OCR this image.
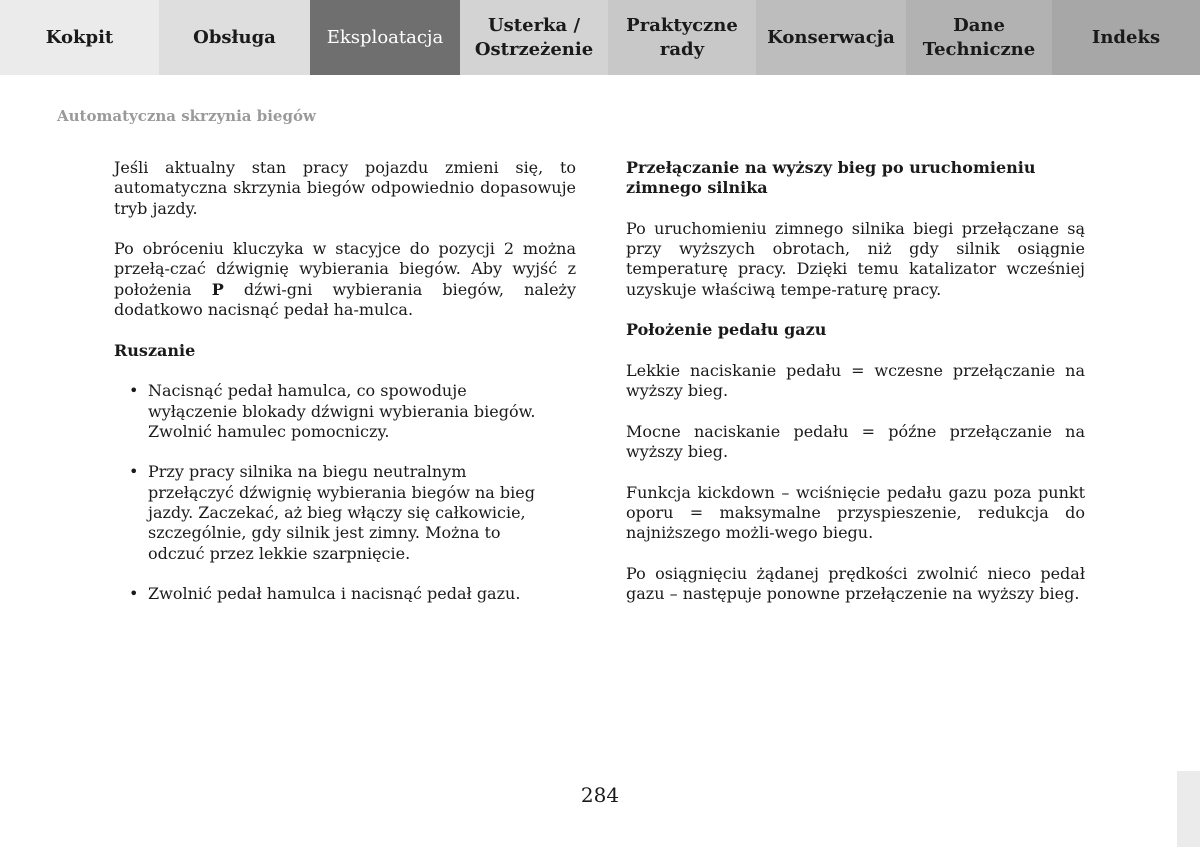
Kokpit	Obsługa	Eksploatacja
Usterka /
Ostrzeżenie
Praktyczne
rady
Konserwacja
Dane
Techniczne
Indeks
Automatyczna skrzynia biegów

Jeśli aktualny stan pracy pojazdu zmieni się, to automatyczna skrzynia biegów odpowiednio dopasowuje tryb jazdy.

Po obróceniu kluczyka w stacyjce do pozycji 2 można przełą-czać dźwignię wybierania biegów. Aby wyjść z położenia P dźwi-gni wybierania biegów, należy dodatkowo nacisnąć pedał ha-mulca.

Ruszanie
• Nacisnąć pedał hamulca, co spowoduje wyłączenie blokady dźwigni wybierania biegów. Zwolnić hamulec pomocniczy.
• Przy pracy silnika na biegu neutralnym przełączyć dźwignię wybierania biegów na bieg jazdy. Zaczekać, aż bieg włączy się całkowicie, szczególnie, gdy silnik jest zimny. Można to odczuć przez lekkie szarpnięcie.
• Zwolnić pedał hamulca i nacisnąć pedał gazu.
Przełączanie na wyższy bieg po uruchomieniu zimnego silnika

Po uruchomieniu zimnego silnika biegi przełączane są przy wyższych obrotach, niż gdy silnik osiągnie temperaturę pracy. Dzięki temu katalizator wcześniej uzyskuje właściwą tempe-raturę pracy.

Położenie pedału gazu

Lekkie naciskanie pedału = wczesne przełączanie na wyższy bieg.

Mocne naciskanie pedału = późne przełączanie na wyższy bieg.

Funkcja kickdown – wciśnięcie pedału gazu poza punkt oporu = maksymalne przyspieszenie, redukcja do najniższego możli-wego biegu.

Po osiągnięciu żądanej prędkości zwolnić nieco pedał gazu – następuje ponowne przełączenie na wyższy bieg.

284
